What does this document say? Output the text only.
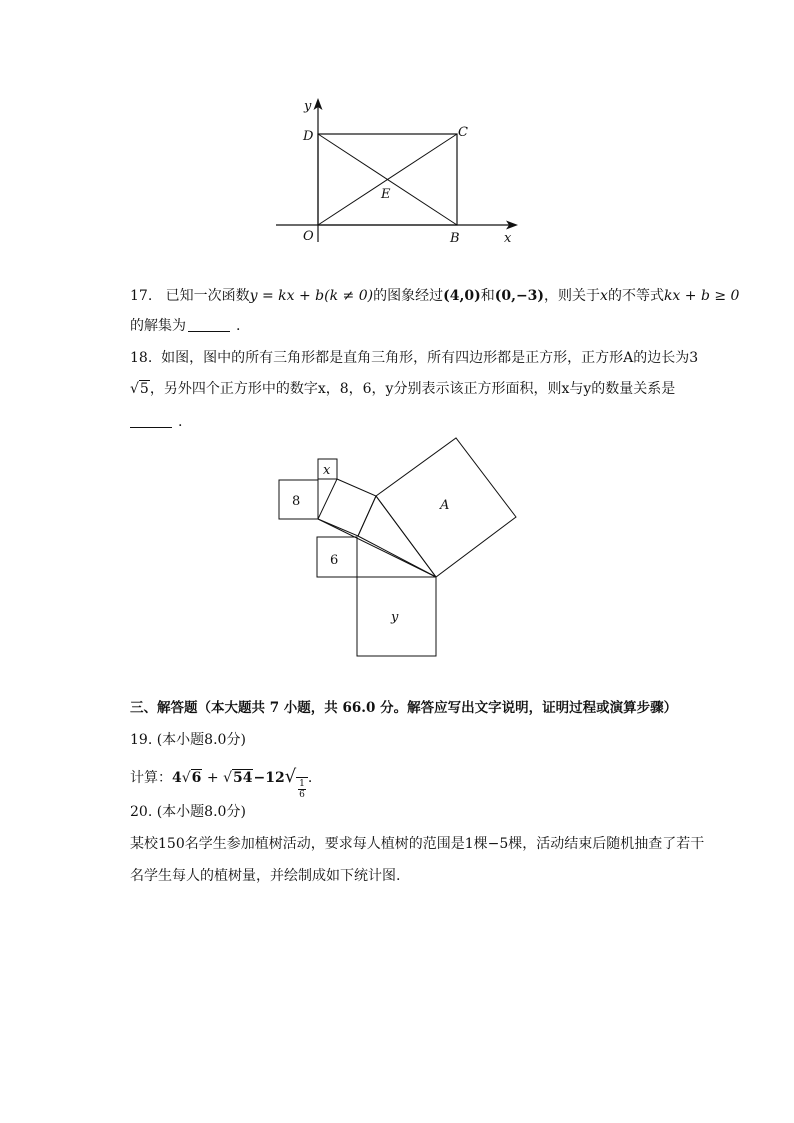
y
D	C
E
O	B	x
17. 已知一次函数y = kx + b(k ≠ 0)的图象经过(4,0)和(0,−3)，则关于x的不等式kx + b ≥ 0
的解集为	.
18. 如图，图中的所有三角形都是直角三角形，所有四边形都是正方形，正方形A的边长为3
√5，另外四个正方形中的数字x，8，6，y分别表示该正方形面积，则x与y的数量关系是
.
x
8	A
6
y
三、解答题（本大题共 7 小题，共 66.0 分。解答应写出文字说明，证明过程或演算步骤）
19. (本小题8.0分)
计算：4√6 + √54−12√
$\frac{1}{6}$ .
20. (本小题8.0分)
某校150名学生参加植树活动，要求每人植树的范围是1棵−5棵，活动结束后随机抽查了若干
名学生每人的植树量，并绘制成如下统计图.
